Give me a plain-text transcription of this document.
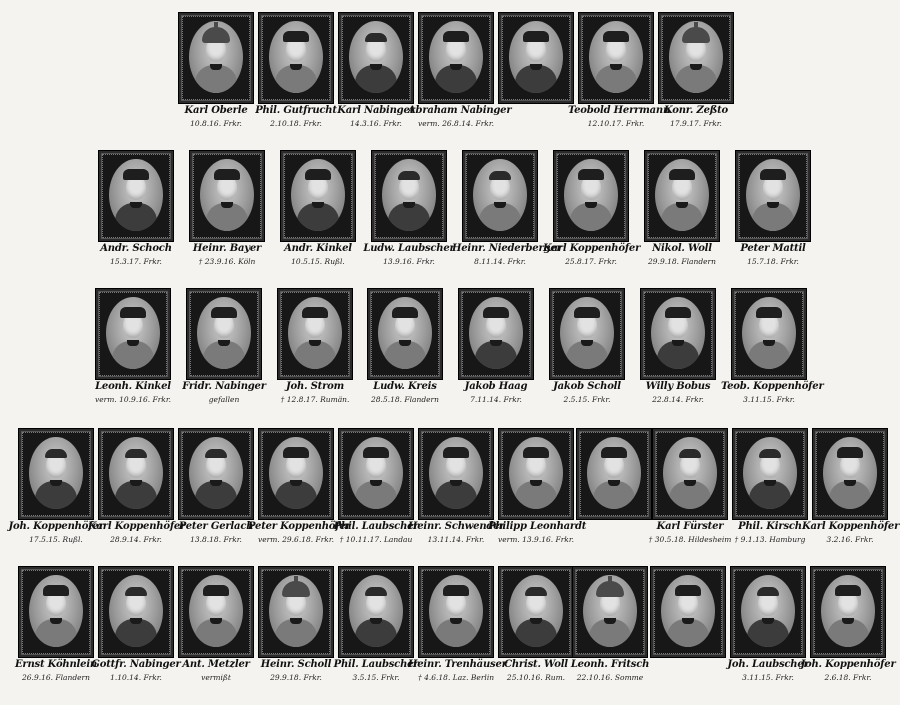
Karl Oberle
10.8.16. Frkr.
Phil. Gutfrucht
2.10.18. Frkr.
Karl Nabinger
14.3.16. Frkr.
Abraham Nabinger
verm. 26.8.14. Frkr.
Teobold Herrmann
12.10.17. Frkr.
Konr. Zeßto
17.9.17. Frkr.
Andr. Schoch
15.3.17. Frkr.
Heinr. Bayer
† 23.9.16. Köln
Andr. Kinkel
10.5.15. Rußl.
Ludw. Laubscher
13.9.16. Frkr.
Heinr. Niederberger
8.11.14. Frkr.
Karl Koppenhöfer
25.8.17. Frkr.
Nikol. Woll
29.9.18. Flandern
Peter Mattil
15.7.18. Frkr.
Leonh. Kinkel
verm. 10.9.16. Frkr.
Fridr. Nabinger
gefallen
Joh. Strom
† 12.8.17. Rumän.
Ludw. Kreis
28.5.18. Flandern
Jakob Haag
7.11.14. Frkr.
Jakob Scholl
2.5.15. Frkr.
Willy Bobus
22.8.14. Frkr.
Teob. Koppenhöfer
3.11.15. Frkr.
Joh. Koppenhöfer
17.5.15. Rußl.
Karl Koppenhöfer
28.9.14. Frkr.
Peter Gerlach
13.8.18. Frkr.
Peter Koppenhöfer
verm. 29.6.18. Frkr.
Phil. Laubscher
† 10.11.17. Landau
Heinr. Schwender
13.11.14. Frkr.
Philipp Leonhardt
verm. 13.9.16. Frkr.
Karl Fürster
† 30.5.18. Hildesheim
Phil. Kirsch
† 9.1.13. Hamburg
Karl Koppenhöfer
3.2.16. Frkr.
Ernst Köhnlein
26.9.16. Flandern
Gottfr. Nabinger
1.10.14. Frkr.
Ant. Metzler
vermißt
Heinr. Scholl
29.9.18. Frkr.
Phil. Laubscher
3.5.15. Frkr.
Heinr. Trenhäuser
† 4.6.18. Laz. Berlin
Christ. Woll
25.10.16. Rum.
Leonh. Fritsch
22.10.16. Somme
Joh. Laubscher
3.11.15. Frkr.
Joh. Koppenhöfer
2.6.18. Frkr.
